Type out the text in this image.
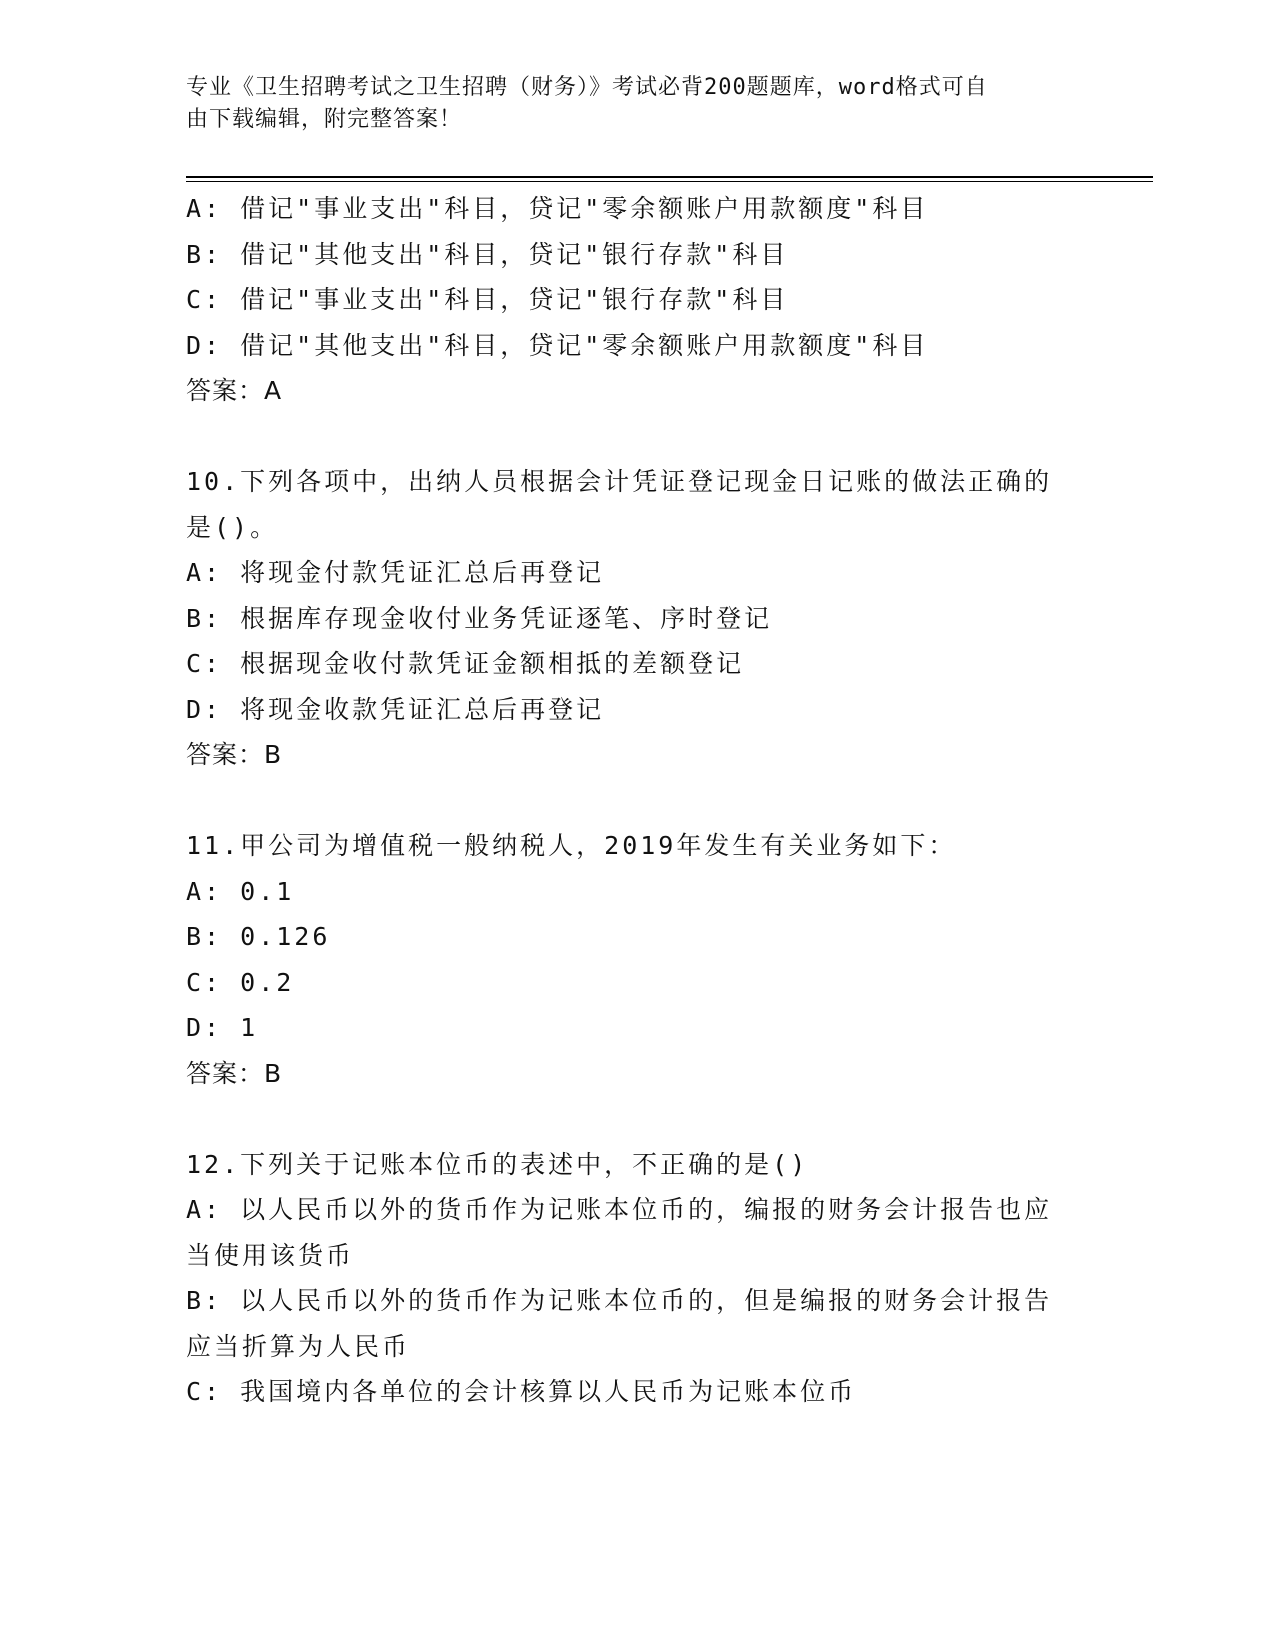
专业《卫生招聘考试之卫生招聘（财务）》考试必背200题题库，word格式可自
由下载编辑，附完整答案！
A: 借记"事业支出"科目，贷记"零余额账户用款额度"科目
B: 借记"其他支出"科目，贷记"银行存款"科目
C: 借记"事业支出"科目，贷记"银行存款"科目
D: 借记"其他支出"科目，贷记"零余额账户用款额度"科目
答案：A
10.下列各项中，出纳人员根据会计凭证登记现金日记账的做法正确的
是()。
A: 将现金付款凭证汇总后再登记
B: 根据库存现金收付业务凭证逐笔、序时登记
C: 根据现金收付款凭证金额相抵的差额登记
D: 将现金收款凭证汇总后再登记
答案：B
11.甲公司为增值税一般纳税人，2019年发生有关业务如下：
A: 0.1
B: 0.126
C: 0.2
D: 1
答案：B
12.下列关于记账本位币的表述中，不正确的是()
A: 以人民币以外的货币作为记账本位币的，编报的财务会计报告也应
当使用该货币
B: 以人民币以外的货币作为记账本位币的，但是编报的财务会计报告
应当折算为人民币
C: 我国境内各单位的会计核算以人民币为记账本位币
